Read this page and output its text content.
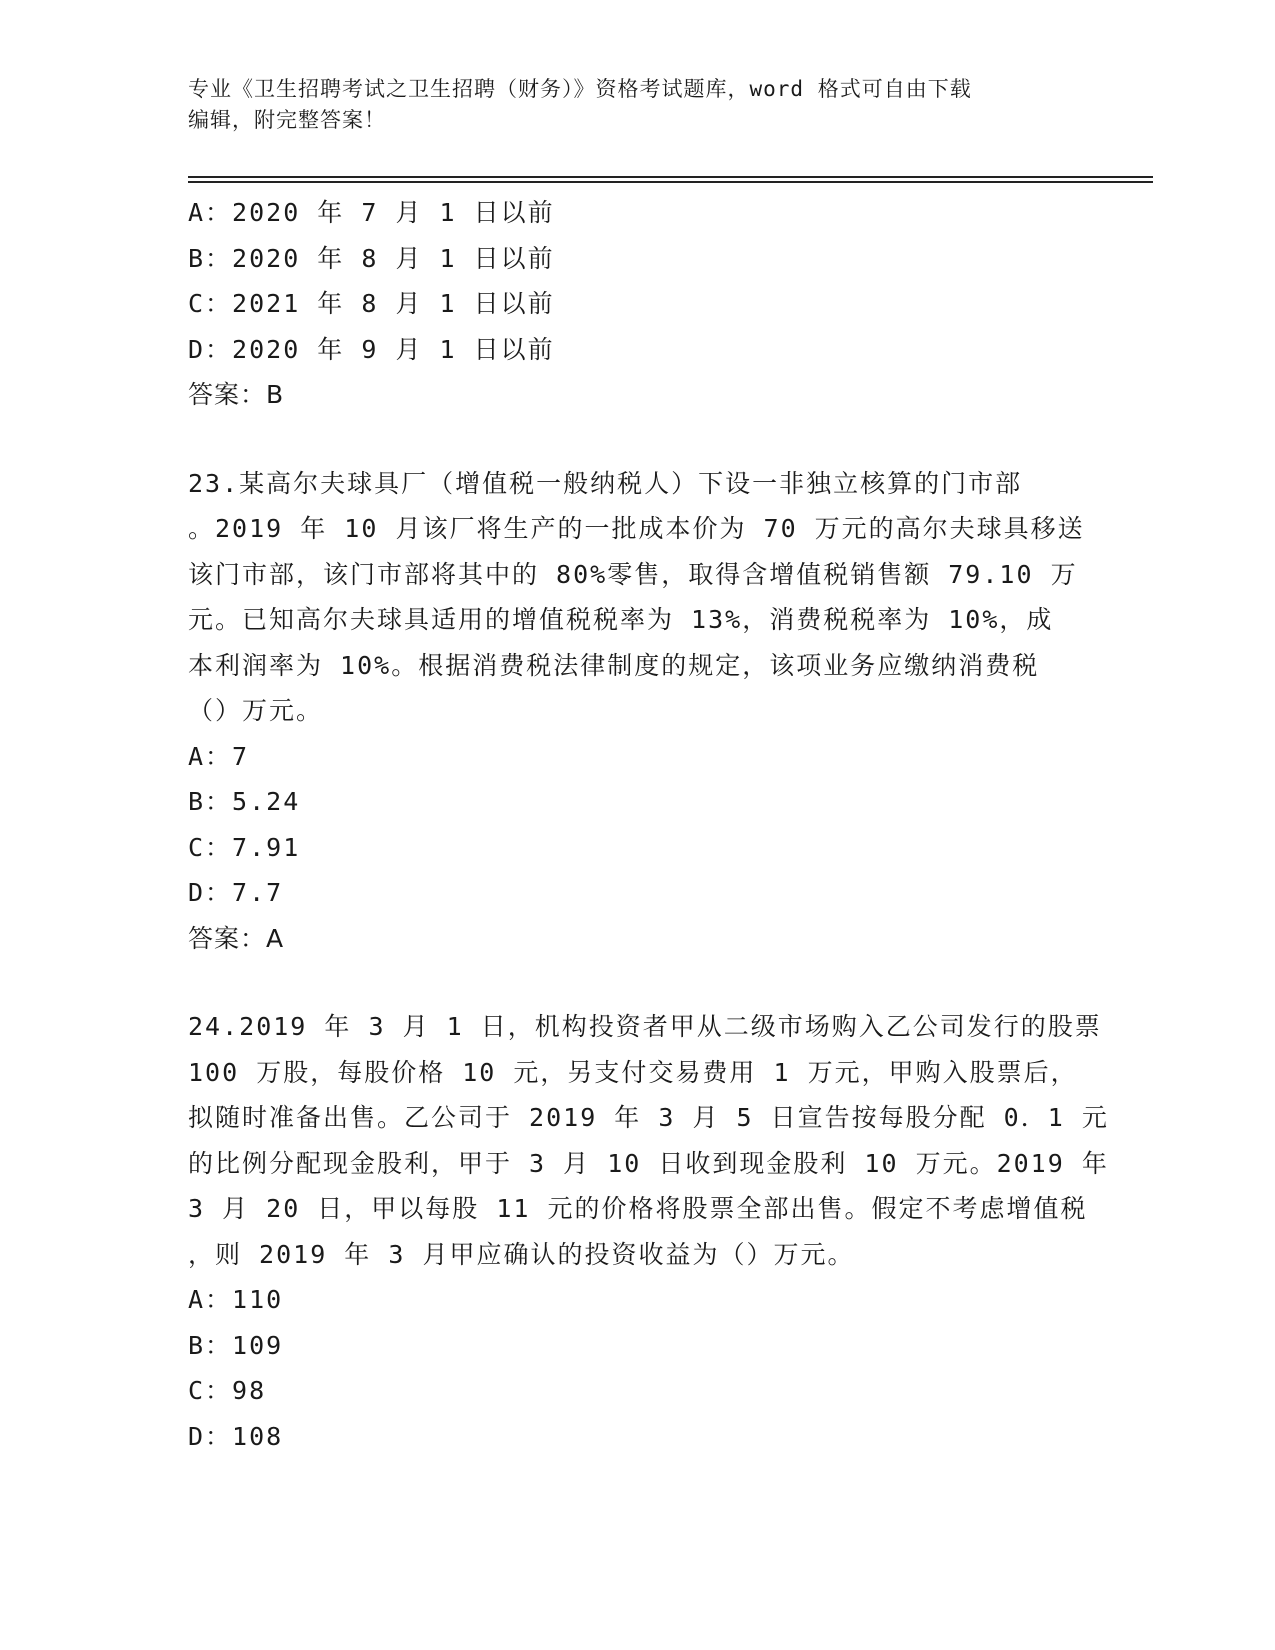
专业《卫生招聘考试之卫生招聘（财务）》资格考试题库，word 格式可自由下载
编辑，附完整答案！
A：2020 年 7 月 1 日以前
B：2020 年 8 月 1 日以前
C：2021 年 8 月 1 日以前
D：2020 年 9 月 1 日以前
答案：B
23.某高尔夫球具厂（增值税一般纳税人）下设一非独立核算的门市部
。2019 年 10 月该厂将生产的一批成本价为 70 万元的高尔夫球具移送
该门市部，该门市部将其中的 80%零售，取得含增值税销售额 79.10 万
元。已知高尔夫球具适用的增值税税率为 13%，消费税税率为 10%，成
本利润率为 10%。根据消费税法律制度的规定，该项业务应缴纳消费税
（）万元。
A：7
B：5.24
C：7.91
D：7.7
答案：A
24.2019 年 3 月 1 日，机构投资者甲从二级市场购入乙公司发行的股票
100 万股，每股价格 10 元，另支付交易费用 1 万元，甲购入股票后，
拟随时准备出售。乙公司于 2019 年 3 月 5 日宣告按每股分配 0．1 元
的比例分配现金股利，甲于 3 月 10 日收到现金股利 10 万元。2019 年
3 月 20 日，甲以每股 11 元的价格将股票全部出售。假定不考虑增值税
，则 2019 年 3 月甲应确认的投资收益为（）万元。
A：110
B：109
C：98
D：108
